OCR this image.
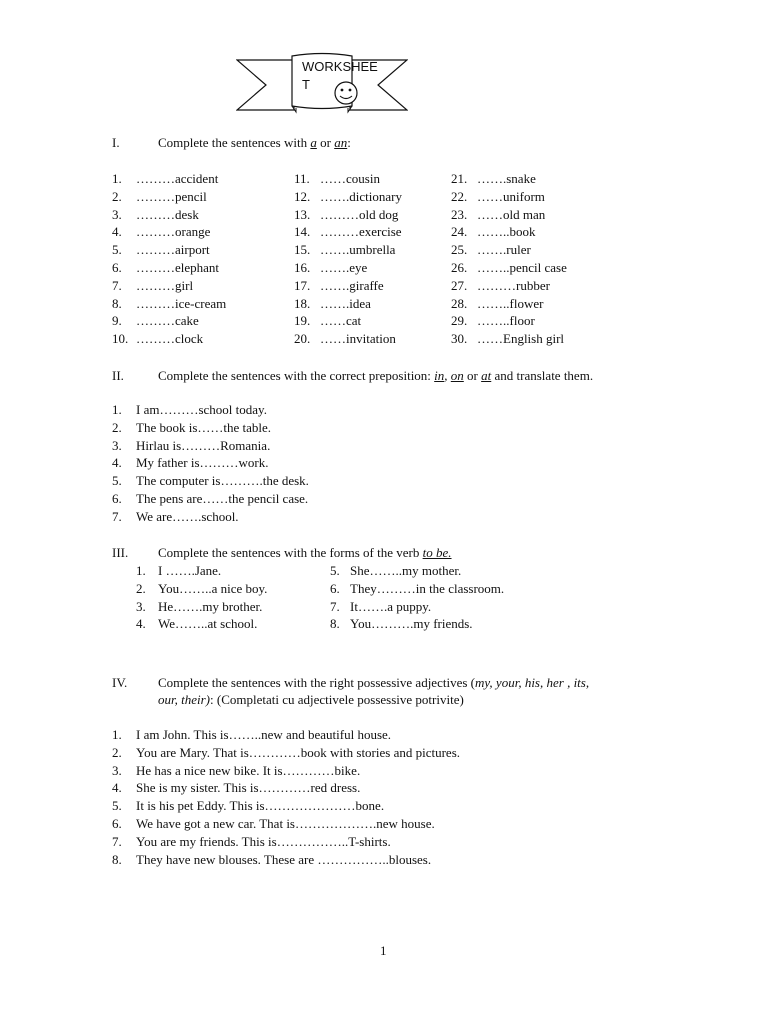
WORKSHEE
T
I.	Complete the sentences with a or an:
1. ………accident
2. ………pencil
3. ………desk
4. ………orange
5. ………airport
6. ………elephant
7. ………girl
8. ………ice-cream
9. ………cake
10. ………clock
11. ……cousin
12. …….dictionary
13. ………old dog
14. ………exercise
15. …….umbrella
16. …….eye
17. …….giraffe
18. …….idea
19. ……cat
20. ……invitation
21. …….snake
22. ……uniform
23. ……old man
24. ……..book
25. …….ruler
26. ……..pencil case
27. ………rubber
28. ……..flower
29. ……..floor
30. ……English girl
II.	Complete the sentences with the correct preposition: in, on or at and translate them.
1. I am………school today.
2. The book is……the table.
3. Hirlau is………Romania.
4. My father is………work.
5. The computer is……….the desk.
6. The pens are……the pencil case.
7. We are…….school.
III. Complete the sentences with the forms of the verb to be.
1. I …….Jane.
2. You……..a nice boy.
3. He…….my brother.
4. We……..at school.
5. She……..my mother.
6. They………in the classroom.
7. It…….a puppy.
8. You……….my friends.
IV. Complete the sentences with the right possessive adjectives (my, your, his, her , its,
our, their): (Completati cu adjectivele possessive potrivite)
1. I am John. This is……..new and beautiful house.
2. You are Mary. That is…………book with stories and pictures.
3. He has a nice new bike. It is…………bike.
4. She is my sister. This is…………red dress.
5. It is his pet Eddy. This is…………………bone.
6. We have got a new car. That is……………….new house.
7. You are my friends. This is……………..T-shirts.
8. They have new blouses. These are ……………..blouses.
1
